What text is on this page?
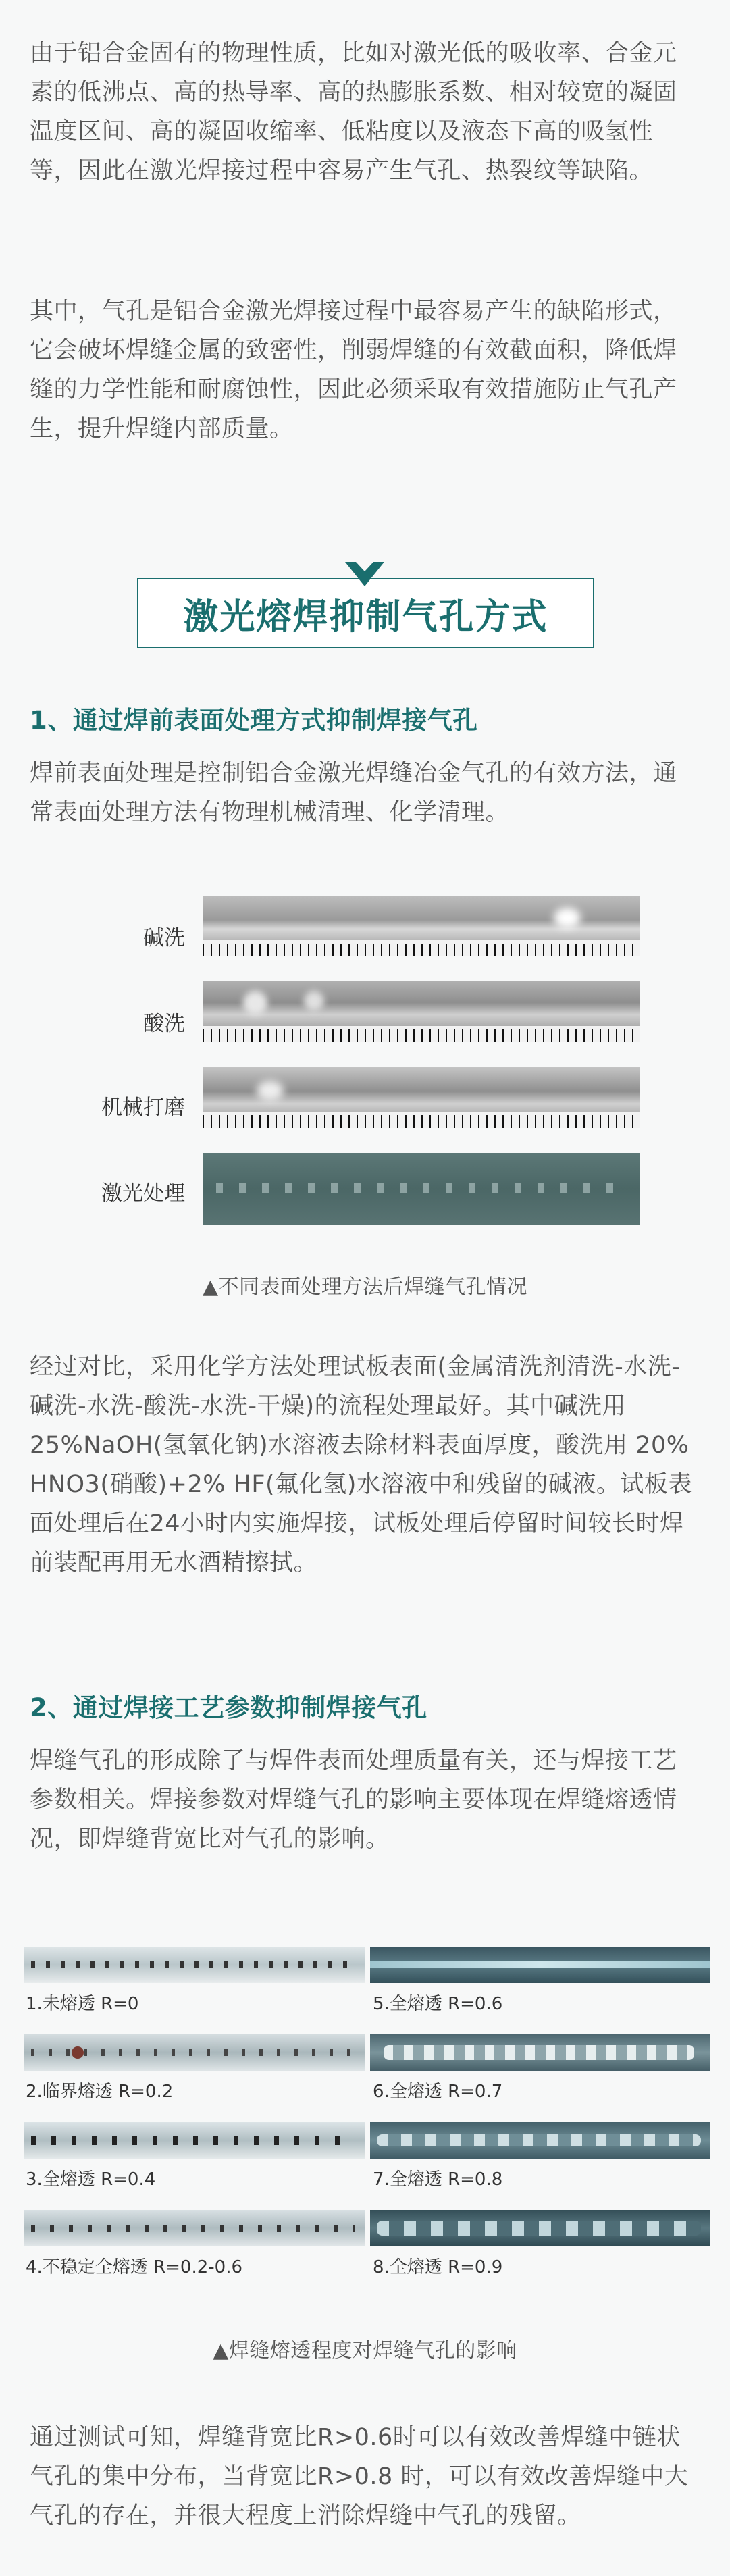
由于铝合金固有的物理性质，比如对激光低的吸收率、合金元素的低沸点、高的热导率、高的热膨胀系数、相对较宽的凝固温度区间、高的凝固收缩率、低粘度以及液态下高的吸氢性等，因此在激光焊接过程中容易产生气孔、热裂纹等缺陷。

其中，气孔是铝合金激光焊接过程中最容易产生的缺陷形式，它会破坏焊缝金属的致密性，削弱焊缝的有效截面积，降低焊缝的力学性能和耐腐蚀性，因此必须采取有效措施防止气孔产生，提升焊缝内部质量。

激光熔焊抑制气孔方式
1、通过焊前表面处理方式抑制焊接气孔

焊前表面处理是控制铝合金激光焊缝冶金气孔的有效方法，通常表面处理方法有物理机械清理、化学清理。

碱洗
酸洗
机械打磨
激光处理

▲不同表面处理方法后焊缝气孔情况

经过对比，采用化学方法处理试板表面(金属清洗剂清洗-水洗-碱洗-水洗-酸洗-水洗-干燥)的流程处理最好。其中碱洗用25%NaOH(氢氧化钠)水溶液去除材料表面厚度，酸洗用 20% HNO3(硝酸)+2% HF(氟化氢)水溶液中和残留的碱液。试板表面处理后在24小时内实施焊接，试板处理后停留时间较长时焊前装配再用无水酒精擦拭。

2、通过焊接工艺参数抑制焊接气孔

焊缝气孔的形成除了与焊件表面处理质量有关，还与焊接工艺参数相关。焊接参数对焊缝气孔的影响主要体现在焊缝熔透情况，即焊缝背宽比对气孔的影响。

1.未熔透 R=0
2.临界熔透 R=0.2
3.全熔透 R=0.4
4.不稳定全熔透 R=0.2-0.6
5.全熔透 R=0.6
6.全熔透 R=0.7
7.全熔透 R=0.8
8.全熔透 R=0.9

▲焊缝熔透程度对焊缝气孔的影响

通过测试可知，焊缝背宽比R>0.6时可以有效改善焊缝中链状气孔的集中分布，当背宽比R>0.8 时，可以有效改善焊缝中大气孔的存在，并很大程度上消除焊缝中气孔的残留。
